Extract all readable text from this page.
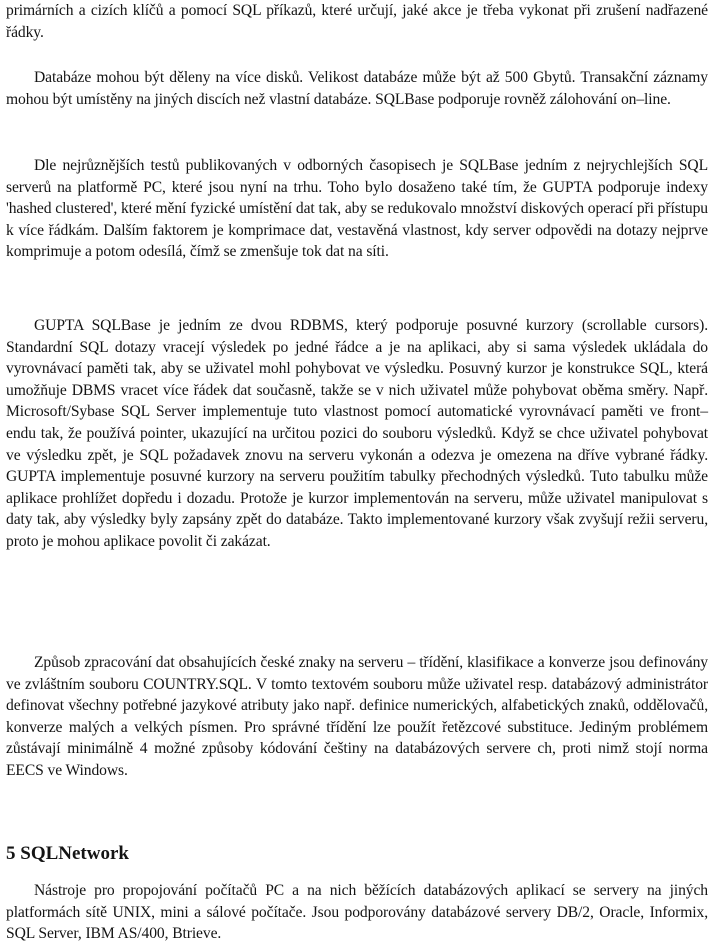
primárních a cizích klíčů a pomocí SQL příkazů, které určují, jaké akce je třeba vykonat při zrušení nadřazené řádky.

Databáze mohou být děleny na více disků. Velikost databáze může být až 500 Gbytů. Transakční záznamy mohou být umístěny na jiných discích než vlastní databáze. SQLBase podporuje rovněž zálohování on–line.

Dle nejrůznějších testů publikovaných v odborných časopisech je SQLBase jedním z nejrychlejších SQL serverů na platformě PC, které jsou nyní na trhu. Toho bylo dosaženo také tím, že GUPTA podporuje indexy 'hashed clustered', které mění fyzické umístění dat tak, aby se redukovalo množství diskových operací při přístupu k více řádkám. Dalším faktorem je komprimace dat, vestavěná vlastnost, kdy server odpovědi na dotazy nejprve komprimuje a potom odesílá, čímž se zmenšuje tok dat na síti.

GUPTA SQLBase je jedním ze dvou RDBMS, který podporuje posuvné kurzory (scrollable cursors). Standardní SQL dotazy vracejí výsledek po jedné řádce a je na aplikaci, aby si sama výsledek ukládala do vyrovnávací paměti tak, aby se uživatel mohl pohybovat ve výsledku. Posuvný kurzor je konstrukce SQL, která umožňuje DBMS vracet více řádek dat současně, takže se v nich uživatel může pohybovat oběma směry. Např. Microsoft/Sybase SQL Server implementuje tuto vlastnost pomocí automatické vyrovnávací paměti ve front–endu tak, že používá pointer, ukazující na určitou pozici do souboru výsledků. Když se chce uživatel pohybovat ve výsledku zpět, je SQL požadavek znovu na serveru vykonán a odezva je omezena na dříve vybrané řádky. GUPTA implementuje posuvné kurzory na serveru použitím tabulky přechodných výsledků. Tuto tabulku může aplikace prohlížet dopředu i dozadu. Protože je kurzor implementován na serveru, může uživatel manipulovat s daty tak, aby výsledky byly zapsány zpět do databáze. Takto implementované kurzory však zvyšují režii serveru, proto je mohou aplikace povolit či zakázat.

Způsob zpracování dat obsahujících české znaky na serveru – třídění, klasifikace a konverze jsou definovány ve zvláštním souboru COUNTRY.SQL. V tomto textovém souboru může uživatel resp. databázový administrátor definovat všechny potřebné jazykové atributy jako např. definice numerických, alfabetických znaků, oddělovačů, konverze malých a velkých písmen. Pro správné třídění lze použít řetězcové substituce. Jediným problémem zůstávají minimálně 4 možné způsoby kódování češtiny na databázových servere ch, proti nimž stojí norma EECS ve Windows.

5 SQLNetwork

Nástroje pro propojování počítačů PC a na nich běžících databázových aplikací se servery na jiných platformách sítě UNIX, mini a sálové počítače. Jsou podporovány databázové servery DB/2, Oracle, Informix, SQL Server, IBM AS/400, Btrieve.
